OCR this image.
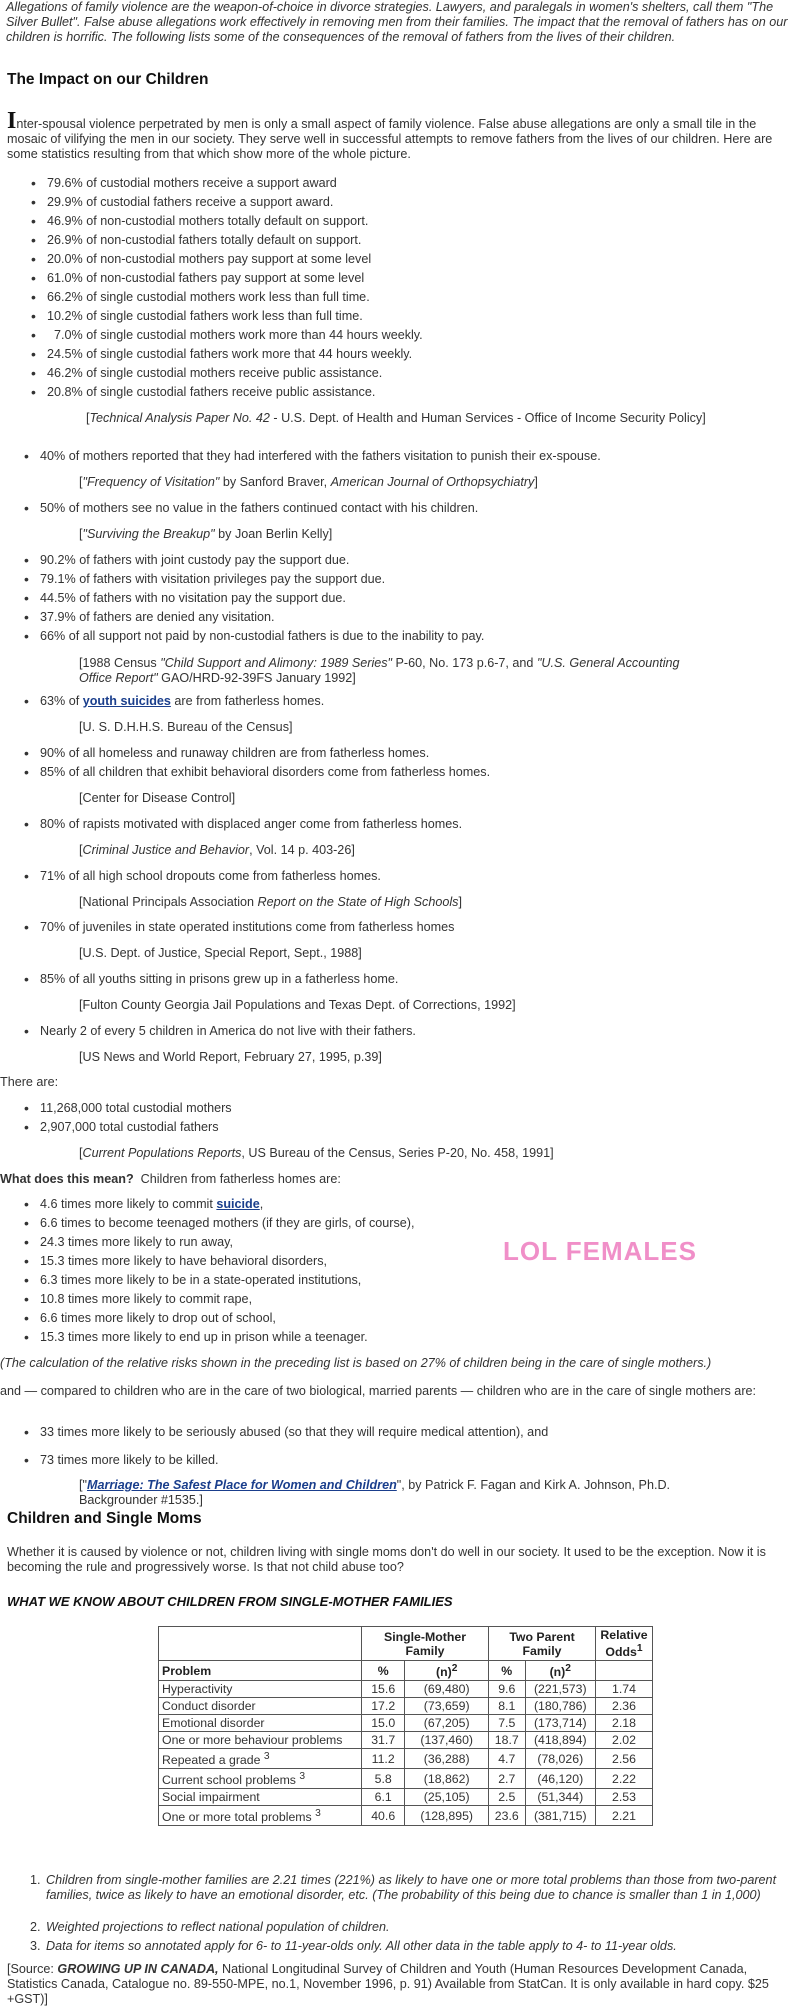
Allegations of family violence are the weapon-of-choice in divorce strategies. Lawyers, and paralegals in women's shelters, call them "The Silver Bullet". False abuse allegations work effectively in removing men from their families. The impact that the removal of fathers has on our children is horrific. The following lists some of the consequences of the removal of fathers from the lives of their children.

The Impact on our Children

Inter-spousal violence perpetrated by men is only a small aspect of family violence. False abuse allegations are only a small tile in the mosaic of vilifying the men in our society. They serve well in successful attempts to remove fathers from the lives of our children. Here are some statistics resulting from that which show more of the whole picture.

• 79.6% of custodial mothers receive a support award
• 29.9% of custodial fathers receive a support award.
• 46.9% of non-custodial mothers totally default on support.
• 26.9% of non-custodial fathers totally default on support.
• 20.0% of non-custodial mothers pay support at some level
• 61.0% of non-custodial fathers pay support at some level
• 66.2% of single custodial mothers work less than full time.
• 10.2% of single custodial fathers work less than full time.
•   7.0% of single custodial mothers work more than 44 hours weekly.
• 24.5% of single custodial fathers work more that 44 hours weekly.
• 46.2% of single custodial mothers receive public assistance.
• 20.8% of single custodial fathers receive public assistance.

[Technical Analysis Paper No. 42 - U.S. Dept. of Health and Human Services - Office of Income Security Policy]

• 40% of mothers reported that they had interfered with the fathers visitation to punish their ex-spouse.

["Frequency of Visitation" by Sanford Braver, American Journal of Orthopsychiatry]

• 50% of mothers see no value in the fathers continued contact with his children.

["Surviving the Breakup" by Joan Berlin Kelly]

• 90.2% of fathers with joint custody pay the support due.
• 79.1% of fathers with visitation privileges pay the support due.
• 44.5% of fathers with no visitation pay the support due.
• 37.9% of fathers are denied any visitation.
• 66% of all support not paid by non-custodial fathers is due to the inability to pay.

[1988 Census "Child Support and Alimony: 1989 Series" P-60, No. 173 p.6-7, and "U.S. General Accounting Office Report" GAO/HRD-92-39FS January 1992]

• 63% of youth suicides are from fatherless homes.

[U. S. D.H.H.S. Bureau of the Census]

• 90% of all homeless and runaway children are from fatherless homes.
• 85% of all children that exhibit behavioral disorders come from fatherless homes.

[Center for Disease Control]

• 80% of rapists motivated with displaced anger come from fatherless homes.

[Criminal Justice and Behavior, Vol. 14 p. 403-26]

• 71% of all high school dropouts come from fatherless homes.

[National Principals Association Report on the State of High Schools]

• 70% of juveniles in state operated institutions come from fatherless homes

[U.S. Dept. of Justice, Special Report, Sept., 1988]

• 85% of all youths sitting in prisons grew up in a fatherless home.

[Fulton County Georgia Jail Populations and Texas Dept. of Corrections, 1992]

• Nearly 2 of every 5 children in America do not live with their fathers.

[US News and World Report, February 27, 1995, p.39]

There are:

• 11,268,000 total custodial mothers
• 2,907,000 total custodial fathers

[Current Populations Reports, US Bureau of the Census, Series P-20, No. 458, 1991]

What does this mean?  Children from fatherless homes are:

• 4.6 times more likely to commit suicide,
• 6.6 times to become teenaged mothers (if they are girls, of course),
• 24.3 times more likely to run away,
• 15.3 times more likely to have behavioral disorders,
• 6.3 times more likely to be in a state-operated institutions,
• 10.8 times more likely to commit rape,
• 6.6 times more likely to drop out of school,
• 15.3 times more likely to end up in prison while a teenager.
LOL FEMALES

(The calculation of the relative risks shown in the preceding list is based on 27% of children being in the care of single mothers.)

and — compared to children who are in the care of two biological, married parents — children who are in the care of single mothers are:

• 33 times more likely to be seriously abused (so that they will require medical attention), and
• 73 times more likely to be killed.

["Marriage: The Safest Place for Women and Children", by Patrick F. Fagan and Kirk A. Johnson, Ph.D. Backgrounder #1535.]

Children and Single Moms

Whether it is caused by violence or not, children living with single moms don't do well in our society. It used to be the exception. Now it is becoming the rule and progressively worse. Is that not child abuse too?

WHAT WE KNOW ABOUT CHILDREN FROM SINGLE-MOTHER FAMILIES
	Single-Mother Family		Two Parent Family		Relative Odds$^1$
Problem	%	$(n)^2$	%	$(n)^2$	
Hyperactivity	15.6	(69,480)	9.6	(221,573)	1.74
Conduct disorder	17.2	(73,659)	8.1	(180,786)	2.36
Emotional disorder	15.0	(67,205)	7.5	(173,714)	2.18
One or more behaviour problems	31.7	(137,460)	18.7	(418,894)	2.02
Repeated a grade $^3$	11.2	(36,288)	4.7	(78,026)	2.56
Current school problems $^3$	5.8	(18,862)	2.7	(46,120)	2.22
Social impairment	6.1	(25,105)	2.5	(51,344)	2.53
One or more total problems $^3$	40.6	(128,895)	23.6	(381,715)	2.21
1. Children from single-mother families are 2.21 times (221%) as likely to have one or more total problems than those from two-parent families, twice as likely to have an emotional disorder, etc. (The probability of this being due to chance is smaller than 1 in 1,000)
2. Weighted projections to reflect national population of children.
3. Data for items so annotated apply for 6- to 11-year-olds only. All other data in the table apply to 4- to 11-year olds.

[Source: GROWING UP IN CANADA, National Longitudinal Survey of Children and Youth (Human Resources Development Canada, Statistics Canada, Catalogue no. 89-550-MPE, no.1, November 1996, p. 91) Available from StatCan. It is only available in hard copy. $25 +GST)]
